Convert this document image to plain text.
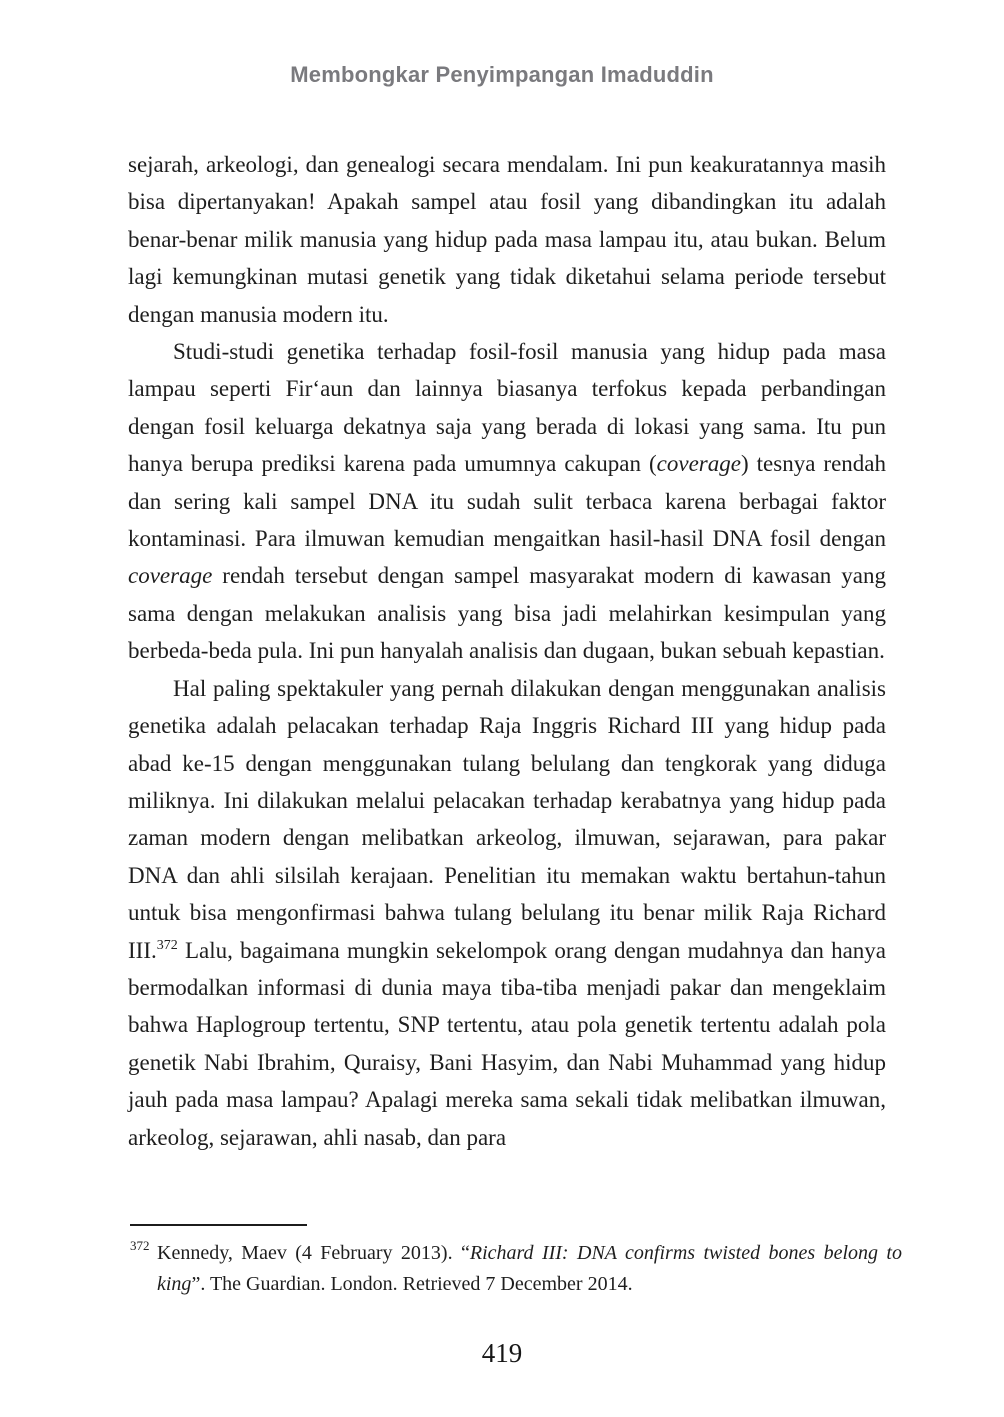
Membongkar Penyimpangan Imaduddin

sejarah, arkeologi, dan genealogi secara mendalam. Ini pun keakuratannya masih bisa dipertanyakan! Apakah sampel atau fosil yang dibandingkan itu adalah benar-benar milik manusia yang hidup pada masa lampau itu, atau bukan. Belum lagi kemungkinan mutasi genetik yang tidak diketahui selama periode tersebut dengan manusia modern itu.

Studi-studi genetika terhadap fosil-fosil manusia yang hidup pada masa lampau seperti Fir‘aun dan lainnya biasanya terfokus kepada perbandingan dengan fosil keluarga dekatnya saja yang berada di lokasi yang sama. Itu pun hanya berupa prediksi karena pada umumnya cakupan (coverage) tesnya rendah dan sering kali sampel DNA itu sudah sulit terbaca karena berbagai faktor kontaminasi. Para ilmuwan kemudian mengaitkan hasil-hasil DNA fosil dengan coverage rendah tersebut dengan sampel masyarakat modern di kawasan yang sama dengan melakukan analisis yang bisa jadi melahirkan kesimpulan yang berbeda-beda pula. Ini pun hanyalah analisis dan dugaan, bukan sebuah kepastian.

Hal paling spektakuler yang pernah dilakukan dengan menggunakan analisis genetika adalah pelacakan terhadap Raja Inggris Richard III yang hidup pada abad ke-15 dengan menggunakan tulang belulang dan tengkorak yang diduga miliknya. Ini dilakukan melalui pelacakan terhadap kerabatnya yang hidup pada zaman modern dengan melibatkan arkeolog, ilmuwan, sejarawan, para pakar DNA dan ahli silsilah kerajaan. Penelitian itu memakan waktu bertahun-tahun untuk bisa mengonfirmasi bahwa tulang belulang itu benar milik Raja Richard III.$^{372}$ Lalu, bagaimana mungkin sekelompok orang dengan mudahnya dan hanya bermodalkan informasi di dunia maya tiba-tiba menjadi pakar dan mengeklaim bahwa Haplogroup tertentu, SNP tertentu, atau pola genetik tertentu adalah pola genetik Nabi Ibrahim, Quraisy, Bani Hasyim, dan Nabi Muhammad yang hidup jauh pada masa lampau? Apalagi mereka sama sekali tidak melibatkan ilmuwan, arkeolog, sejarawan, ahli nasab, dan para

372 Kennedy, Maev (4 February 2013). “Richard III: DNA confirms twisted bones belong to king”. The Guardian. London. Retrieved 7 December 2014.
419
